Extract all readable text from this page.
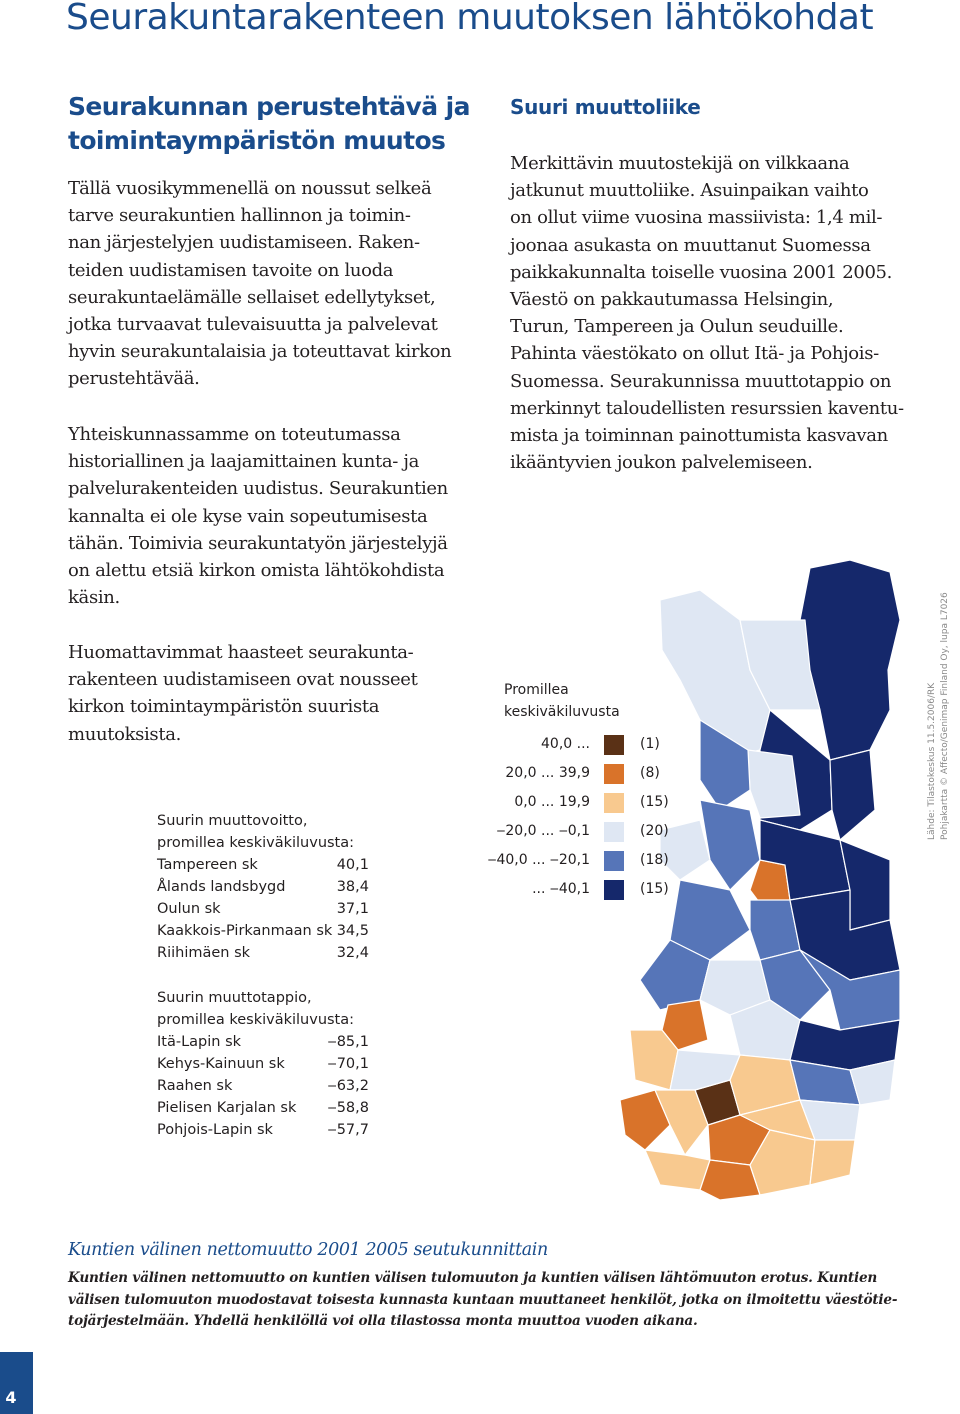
Seurakuntarakenteen muutoksen lähtökohdat
Seurakunnan perustehtävä ja
toimintaympäristön muutos
Tällä vuosikymmenellä on noussut selkeä
tarve seurakuntien hallinnon ja toimin-
nan järjestelyjen uudistamiseen. Raken-
teiden uudistamisen tavoite on luoda
seurakuntaelämälle sellaiset edellytykset,
jotka turvaavat tulevaisuutta ja palvelevat
hyvin seurakuntalaisia ja toteuttavat kirkon
perustehtävää.
Yhteiskunnassamme on toteutumassa
historiallinen ja laajamittainen kunta- ja
palvelurakenteiden uudistus. Seurakuntien
kannalta ei ole kyse vain sopeutumisesta
tähän. Toimivia seurakuntatyön järjestelyjä
on alettu etsiä kirkon omista lähtökohdista
käsin.
Huomattavimmat haasteet seurakunta-
rakenteen uudistamiseen ovat nousseet
kirkon toimintaympäristön suurista
muutoksista.
Suurin muuttovoitto,
promillea keskiväkiluvusta:
Tampereen sk	40,1
Ålands landsbygd	38,4
Oulun sk	37,1
Kaakkois-Pirkanmaan sk 34,5
Riihimäen sk	32,4
Suurin muuttotappio,
promillea keskiväkiluvusta:
Itä-Lapin sk	‒85,1
Kehys-Kainuun sk	‒70,1
Raahen sk	‒63,2
Pielisen Karjalan sk ‒58,8
Pohjois-Lapin sk	‒57,7
Suuri muuttoliike
Merkittävin muutostekijä on vilkkaana
jatkunut muuttoliike. Asuinpaikan vaihto
on ollut viime vuosina massiivista: 1,4 mil-
joonaa asukasta on muuttanut Suomessa
paikkakunnalta toiselle vuosina 2001 2005.
Väestö on pakkautumassa Helsingin,
Turun, Tampereen ja Oulun seuduille.
Pahinta väestökato on ollut Itä- ja Pohjois-
Suomessa. Seurakunnissa muuttotappio on
merkinnyt taloudellisten resurssien kaventu-
mista ja toiminnan painottumista kasvavan
ikääntyvien joukon palvelemiseen.
Promillea
keskiväkiluvusta
40,0 ...	(1)
20,0 ... 39,9	(8)
0,0 ... 19,9	(15)
‒20,0 ... ‒0,1	(20)
‒40,0 ... ‒20,1	(18)
... ‒40,1	(15)
Lähde: Tilastokeskus 11.5.2006/RK Pohjakartta © Affecto/Genimap Finland Oy, lupa L7026
Kuntien välinen nettomuutto 2001 2005 seutukunnittain
Kuntien välinen nettomuutto on kuntien välisen tulomuuton ja kuntien välisen lähtömuuton erotus. Kuntien
välisen tulomuuton muodostavat toisesta kunnasta kuntaan muuttaneet henkilöt, jotka on ilmoitettu väestötie-
tojärjestelmään. Yhdellä henkilöllä voi olla tilastossa monta muuttoa vuoden aikana.
4
